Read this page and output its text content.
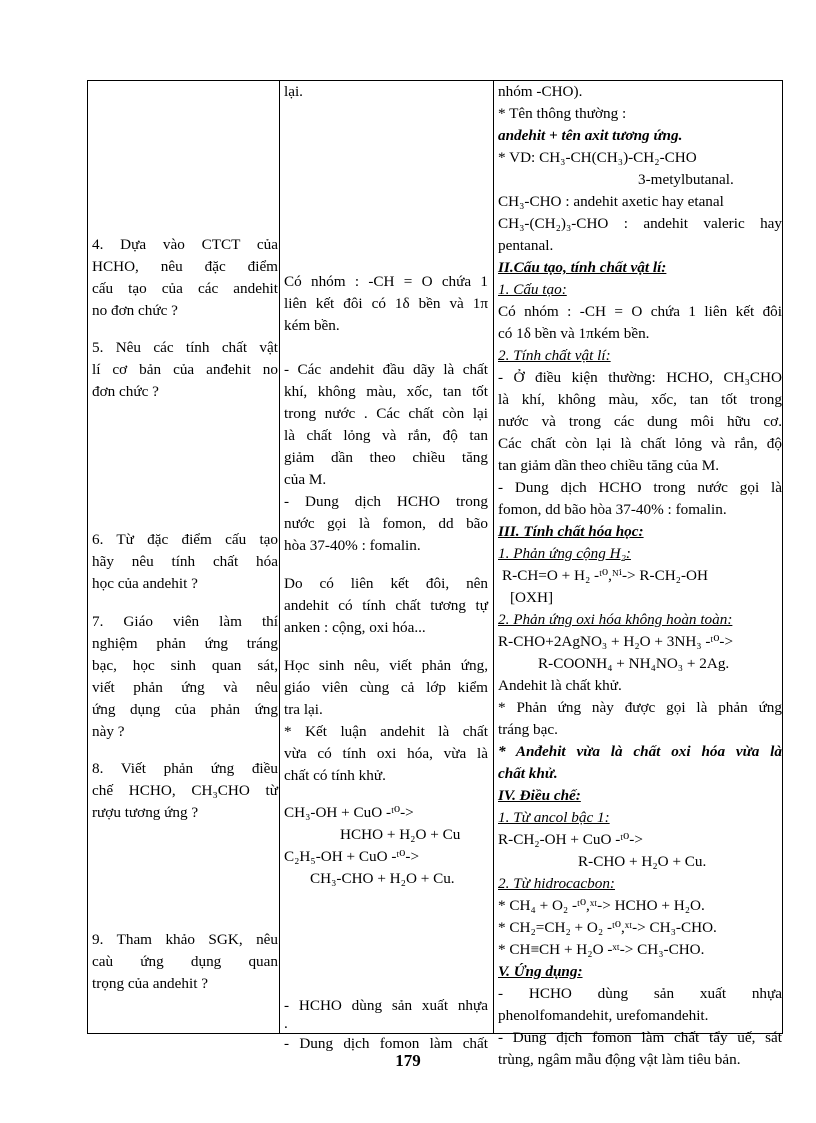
4. Dựa vào CTCT của
HCHO, nêu đặc điểm
cấu tạo của các andehit
no đơn chức ?
5. Nêu các tính chất vật
lí cơ bản của anđehit no
đơn chức ?
6. Từ đặc điểm cấu tạo
hãy nêu tính chất hóa
học của andehit ?
7. Giáo viên làm thí
nghiệm phản ứng tráng
bạc, học sinh quan sát,
viết phản ứng và nêu
ứng dụng của phản ứng
này ?
8. Viết phản ứng điều
chế HCHO, CH₃CHO từ
rượu tương ứng ?
9. Tham khảo SGK, nêu
caù ứng dụng quan
trọng của andehit ?
lại.
Có nhóm : -CH = O chứa 1
liên kết đôi có 1δ bền và 1π
kém bền.
- Các andehit đầu dãy là chất
khí, không màu, xốc, tan tốt
trong nước . Các chất còn lại
là chất lỏng và rắn, độ tan
giảm dần theo chiều tăng
của M.
- Dung dịch HCHO trong
nước gọi là fomon, dd bão
hòa 37-40% : fomalin.
Do có liên kết đôi, nên
andehit có tính chất tương tự
anken : cộng, oxi hóa...
Học sinh nêu, viết phản ứng,
giáo viên cùng cả lớp kiểm
tra lại.
* Kết luận andehit là chất
vừa có tính oxi hóa, vừa là
chất có tính khử.
CH₃-OH + CuO -ᵗ⁰->
HCHO + H₂O + Cu
C₂H₅-OH + CuO -ᵗ⁰->
CH₃-CHO + H₂O + Cu.
- HCHO dùng sản xuất nhựa
.
- Dung dịch fomon làm chất
nhóm -CHO).
* Tên thông thường :
andehit + tên axit tương ứng.
* VD: CH₃-CH(CH₃)-CH₂-CHO
3-metylbutanal.
CH₃-CHO : andehit axetic hay etanal
CH₃-(CH₂)₃-CHO : andehit valeric hay
pentanal.
II.Cấu tạo, tính chất vật lí:
1. Cấu tạo:
Có nhóm : -CH = O chứa 1 liên kết đôi
có 1δ bền và 1πkém bền.
2. Tính chất vật lí:
- Ở điều kiện thường: HCHO, CH₃CHO
là khí, không màu, xốc, tan tốt trong
nước và trong các dung môi hữu cơ.
Các chất còn lại là chất lỏng và rắn, độ
tan giảm dần theo chiều tăng của M.
- Dung dịch HCHO trong nước gọi là
fomon, dd bão hòa 37-40% : fomalin.
III. Tính chất hóa học:
1. Phản ứng cộng H₂:
R-CH=O + H₂ -ᵗ⁰,ᴺⁱ-> R-CH₂-OH
[OXH]
2. Phản ứng oxi hóa không hoàn toàn:
R-CHO+2AgNO₃ + H₂O + 3NH₃ -ᵗ⁰->
R-COONH₄ + NH₄NO₃ + 2Ag.
Andehit là chất khử.
* Phản ứng này được gọi là phản ứng
tráng bạc.
* Anđehit vừa là chất oxi hóa vừa là
chất khử.
IV. Điều chế:
1. Từ ancol bậc 1:
R-CH₂-OH + CuO -ᵗ⁰->
R-CHO + H₂O + Cu.
2. Từ hidrocacbon:
* CH₄ + O₂ -ᵗ⁰,ˣᵗ-> HCHO + H₂O.
* CH₂=CH₂ + O₂ -ᵗ⁰,ˣᵗ-> CH₃-CHO.
* CH≡CH + H₂O -ˣᵗ-> CH₃-CHO.
V. Ứng dụng:
- HCHO dùng sản xuất nhựa
phenolfomandehit, urefomandehit.
- Dung dịch fomon làm chất tẩy uế, sát
trùng, ngâm mẫu động vật làm tiêu bản.
179
